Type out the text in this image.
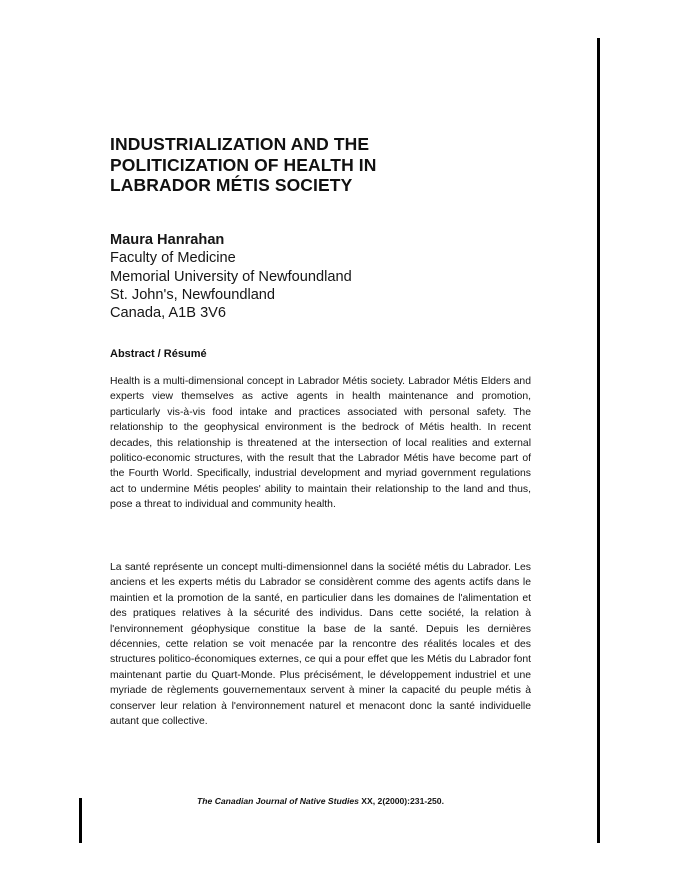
INDUSTRIALIZATION AND THE
POLITICIZATION OF HEALTH IN
LABRADOR MÉTIS SOCIETY
Maura Hanrahan
Faculty of Medicine
Memorial University of Newfoundland
St. John's, Newfoundland
Canada, A1B 3V6
Abstract / Résumé
Health is a multi-dimensional concept in Labrador Métis society. Labrador Métis Elders and experts view themselves as active agents in health maintenance and promotion, particularly vis-à-vis food intake and practices associated with personal safety. The relationship to the geophysical environment is the bedrock of Métis health. In recent decades, this relationship is threatened at the intersection of local realities and external politico-economic structures, with the result that the Labrador Métis have become part of the Fourth World. Specifically, industrial development and myriad government regulations act to undermine Métis peoples' ability to maintain their relationship to the land and thus, pose a threat to individual and community health.
La santé représente un concept multi-dimensionnel dans la société métis du Labrador. Les anciens et les experts métis du Labrador se considèrent comme des agents actifs dans le maintien et la promotion de la santé, en particulier dans les domaines de l'alimentation et des pratiques relatives à la sécurité des individus. Dans cette société, la relation à l'environnement géophysique constitue la base de la santé. Depuis les dernières décennies, cette relation se voit menacée par la rencontre des réalités locales et des structures politico-économiques externes, ce qui a pour effet que les Métis du Labrador font maintenant partie du Quart-Monde. Plus précisément, le développement industriel et une myriade de règlements gouvernementaux servent à miner la capacité du peuple métis à conserver leur relation à l'environnement naturel et menacont donc la santé individuelle autant que collective.
The Canadian Journal of Native Studies XX, 2(2000):231-250.
